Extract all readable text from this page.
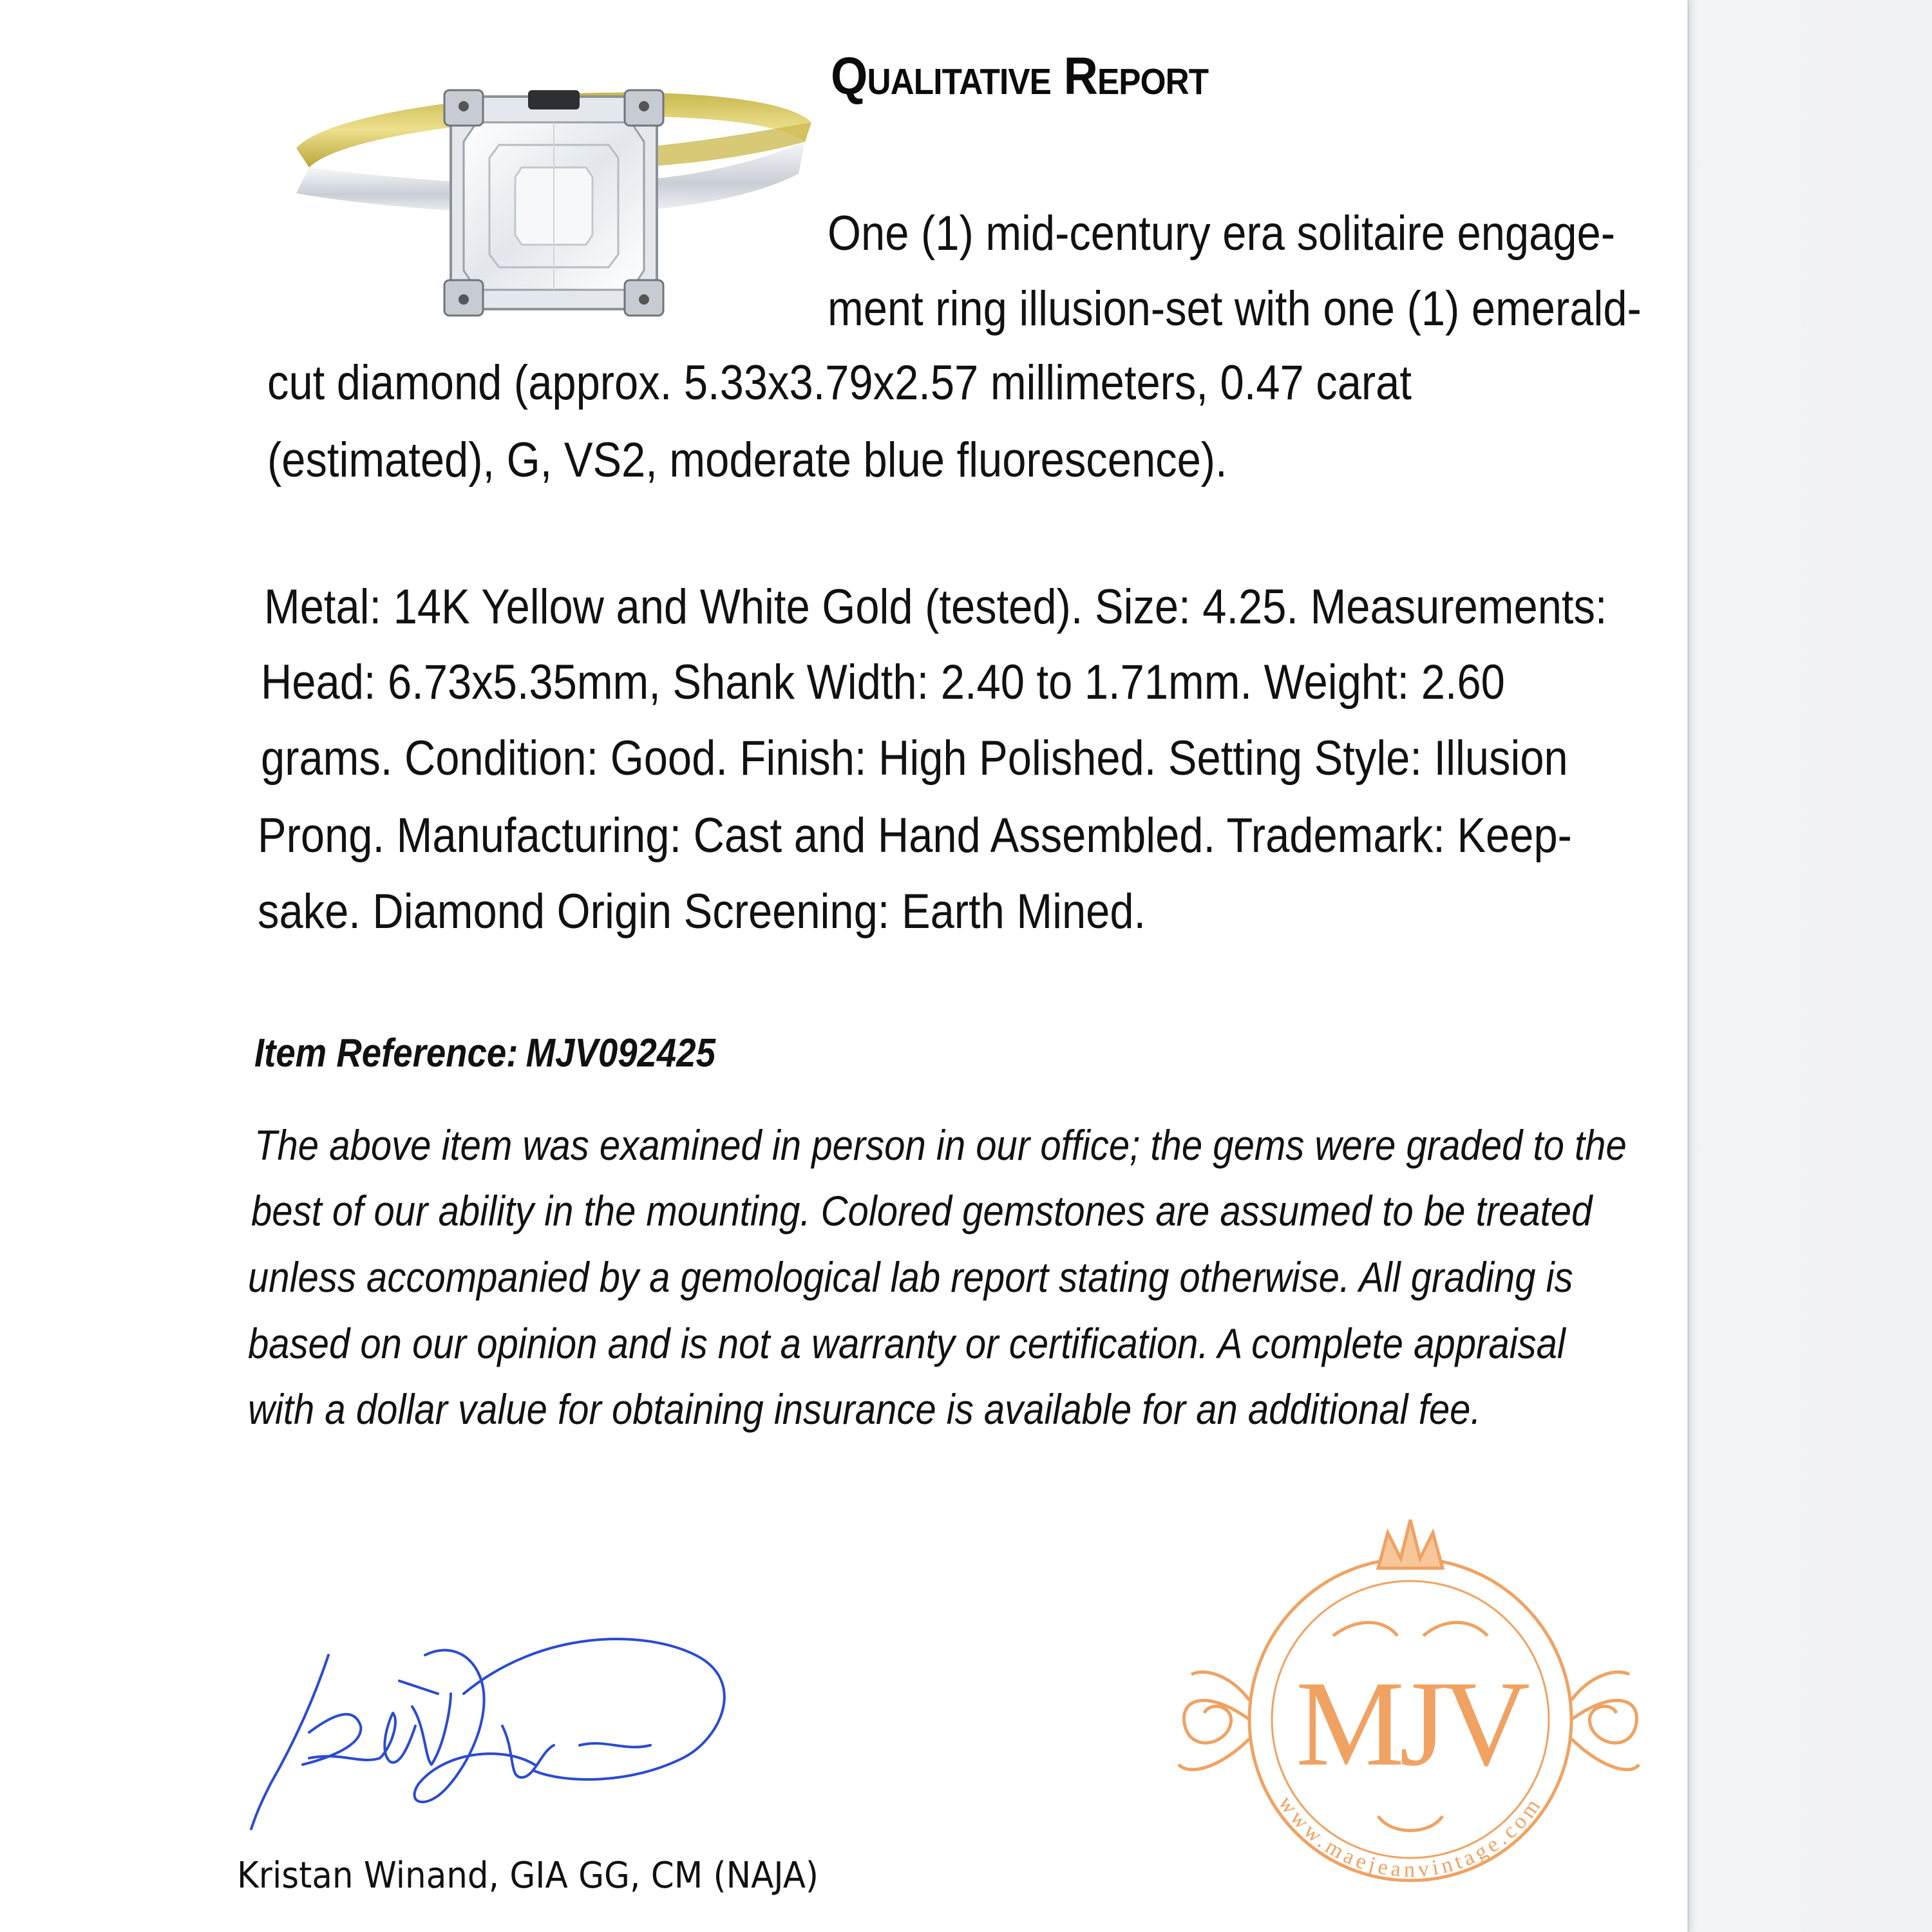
Qualitative Report
One (1) mid-century era solitaire engage-
ment ring illusion-set with one (1) emerald-
cut diamond (approx. 5.33x3.79x2.57 millimeters, 0.47 carat
(estimated), G, VS2, moderate blue fluorescence).
Metal: 14K Yellow and White Gold (tested). Size: 4.25. Measurements:
Head: 6.73x5.35mm, Shank Width: 2.40 to 1.71mm. Weight: 2.60
grams. Condition: Good. Finish: High Polished. Setting Style: Illusion
Prong. Manufacturing: Cast and Hand Assembled. Trademark: Keep-
sake. Diamond Origin Screening: Earth Mined.
Item Reference: MJV092425
The above item was examined in person in our office; the gems were graded to the
best of our ability in the mounting. Colored gemstones are assumed to be treated
unless accompanied by a gemological lab report stating otherwise. All grading is
based on our opinion and is not a warranty or certification. A complete appraisal
with a dollar value for obtaining insurance is available for an additional fee.
Kristan Winand, GIA GG, CM (NAJA)
MJV
www.maejeanvintage.com
